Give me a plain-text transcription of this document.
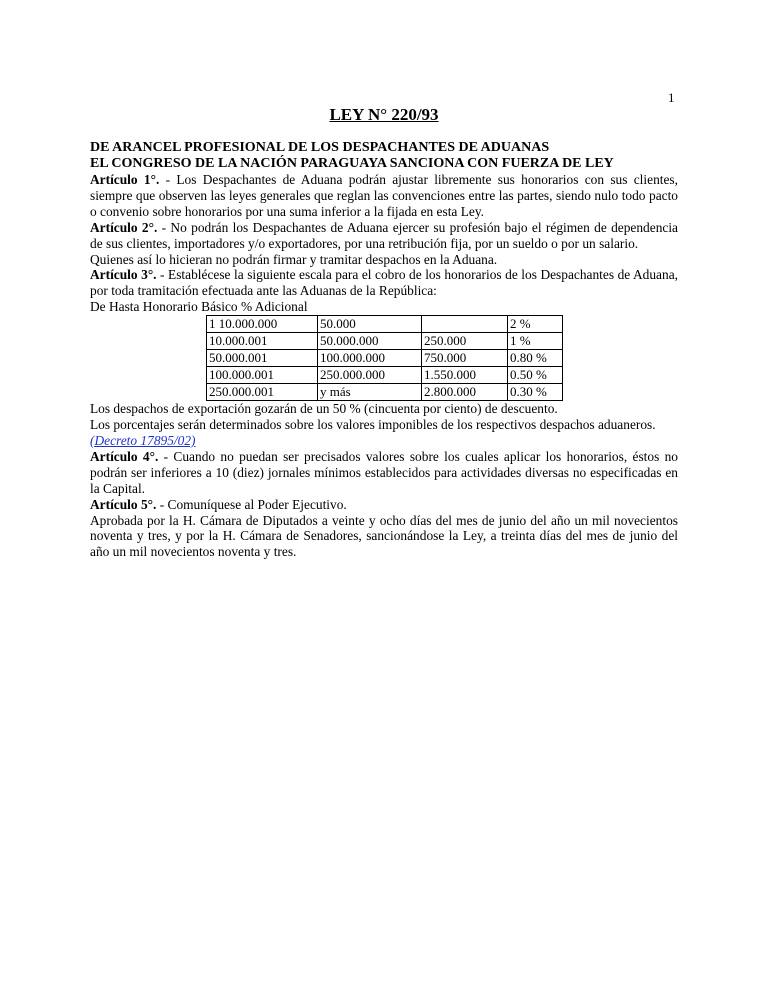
1
LEY N° 220/93
DE ARANCEL PROFESIONAL DE LOS DESPACHANTES DE ADUANAS
EL CONGRESO DE LA NACIÓN PARAGUAYA SANCIONA CON FUERZA DE LEY

Artículo 1°. - Los Despachantes de Aduana podrán ajustar libremente sus honorarios con sus clientes, siempre que observen las leyes generales que reglan las convenciones entre las partes, siendo nulo todo pacto o convenio sobre honorarios por una suma inferior a la fijada en esta Ley.

Artículo 2°. - No podrán los Despachantes de Aduana ejercer su profesión bajo el régimen de dependencia de sus clientes, importadores y/o exportadores, por una retribución fija, por un sueldo o por un salario.

Quienes así lo hicieran no podrán firmar y tramitar despachos en la Aduana.

Artículo 3°. - Establécese la siguiente escala para el cobro de los honorarios de los Despachantes de Aduana, por toda tramitación efectuada ante las Aduanas de la República:

De Hasta Honorario Básico % Adicional

1 10.000.000	50.000		2 %
10.000.001	50.000.000	250.000	1 %
50.000.001	100.000.000	750.000	0.80 %
100.000.001	250.000.000	1.550.000	0.50 %
250.000.001	y más	2.800.000	0.30 %

Los despachos de exportación gozarán de un 50 % (cincuenta por ciento) de descuento.

Los porcentajes serán determinados sobre los valores imponibles de los respectivos despachos aduaneros.

(Decreto 17895/02)

Artículo 4°. - Cuando no puedan ser precisados valores sobre los cuales aplicar los honorarios, éstos no podrán ser inferiores a 10 (diez) jornales mínimos establecidos para actividades diversas no especificadas en la Capital.

Artículo 5°. - Comuníquese al Poder Ejecutivo.

Aprobada por la H. Cámara de Diputados a veinte y ocho días del mes de junio del año un mil novecientos noventa y tres, y por la H. Cámara de Senadores, sancionándose la Ley, a treinta días del mes de junio del año un mil novecientos noventa y tres.
